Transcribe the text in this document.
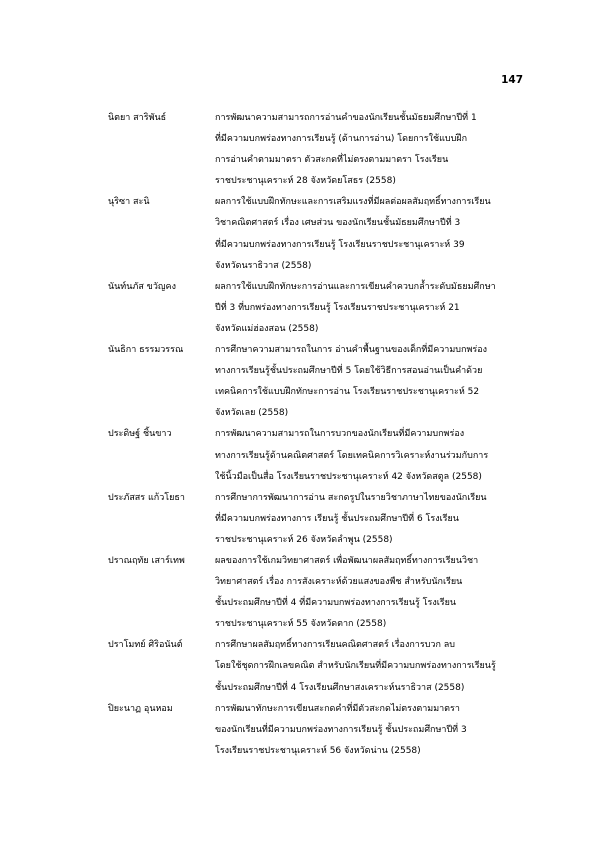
147
นิตยา สาริพันธ์	การพัฒนาความสามารถการอ่านคำของนักเรียนชั้นมัธยมศึกษาปีที่ 1
ที่มีความบกพร่องทางการเรียนรู้ (ด้านการอ่าน) โดยการใช้แบบฝึก
การอ่านคำตามมาตรา ตัวสะกดที่ไม่ตรงตามมาตรา โรงเรียน
ราชประชานุเคราะห์ 28 จังหวัดยโสธร (2558)
นุริซา สะนิ	ผลการใช้แบบฝึกทักษะและการเสริมแรงที่มีผลต่อผลสัมฤทธิ์ทางการเรียน
วิชาคณิตศาสตร์ เรื่อง เศษส่วน ของนักเรียนชั้นมัธยมศึกษาปีที่ 3
ที่มีความบกพร่องทางการเรียนรู้ โรงเรียนราชประชานุเคราะห์ 39
จังหวัดนราธิวาส (2558)
นันท์นภัส ขวัญคง	ผลการใช้แบบฝึกทักษะการอ่านและการเขียนคำควบกล้ำระดับมัธยมศึกษา
ปีที่ 3 ที่บกพร่องทางการเรียนรู้ โรงเรียนราชประชานุเคราะห์ 21
จังหวัดแม่ฮ่องสอน (2558)
นันธิกา ธรรมวรรณ	การศึกษาความสามารถในการ อ่านคำพื้นฐานของเด็กที่มีความบกพร่อง
ทางการเรียนรู้ชั้นประถมศึกษาปีที่ 5 โดยใช้วิธีการสอนอ่านเป็นคำด้วย
เทคนิคการใช้แบบฝึกทักษะการอ่าน โรงเรียนราชประชานุเคราะห์ 52
จังหวัดเลย (2558)
ประดิษฐ์ ชิ้นขาว	การพัฒนาความสามารถในการบวกของนักเรียนที่มีความบกพร่อง
ทางการเรียนรู้ด้านคณิตศาสตร์ โดยเทคนิคการวิเคราะห์งานร่วมกับการ
ใช้นิ้วมือเป็นสื่อ โรงเรียนราชประชานุเคราะห์ 42 จังหวัดสตูล (2558)
ประภัสสร แก้วโยธา	การศึกษาการพัฒนาการอ่าน สะกดรูปในรายวิชาภาษาไทยของนักเรียน
ที่มีความบกพร่องทางการ เรียนรู้ ชั้นประถมศึกษาปีที่ 6 โรงเรียน
ราชประชานุเคราะห์ 26 จังหวัดลำพูน (2558)
ปราณฤทัย เสาร์เทพ	ผลของการใช้เกมวิทยาศาสตร์ เพื่อพัฒนาผลสัมฤทธิ์ทางการเรียนวิชา
วิทยาศาสตร์ เรื่อง การสังเคราะห์ด้วยแสงของพืช สำหรับนักเรียน
ชั้นประถมศึกษาปีที่ 4 ที่มีความบกพร่องทางการเรียนรู้ โรงเรียน
ราชประชานุเคราะห์ 55 จังหวัดตาก (2558)
ปราโมทย์ ศิริอนันต์	การศึกษาผลสัมฤทธิ์ทางการเรียนคณิตศาสตร์ เรื่องการบวก ลบ
โดยใช้ชุดการฝึกเลขคณิต สำหรับนักเรียนที่มีความบกพร่องทางการเรียนรู้
ชั้นประถมศึกษาปีที่ 4 โรงเรียนศึกษาสงเคราะห์นราธิวาส (2558)
ปิยะนาฏ อุนหอม	การพัฒนาทักษะการเขียนสะกดคำที่มีตัวสะกดไม่ตรงตามมาตรา
ของนักเรียนที่มีความบกพร่องทางการเรียนรู้ ชั้นประถมศึกษาปีที่ 3
โรงเรียนราชประชานุเคราะห์ 56 จังหวัดน่าน (2558)
